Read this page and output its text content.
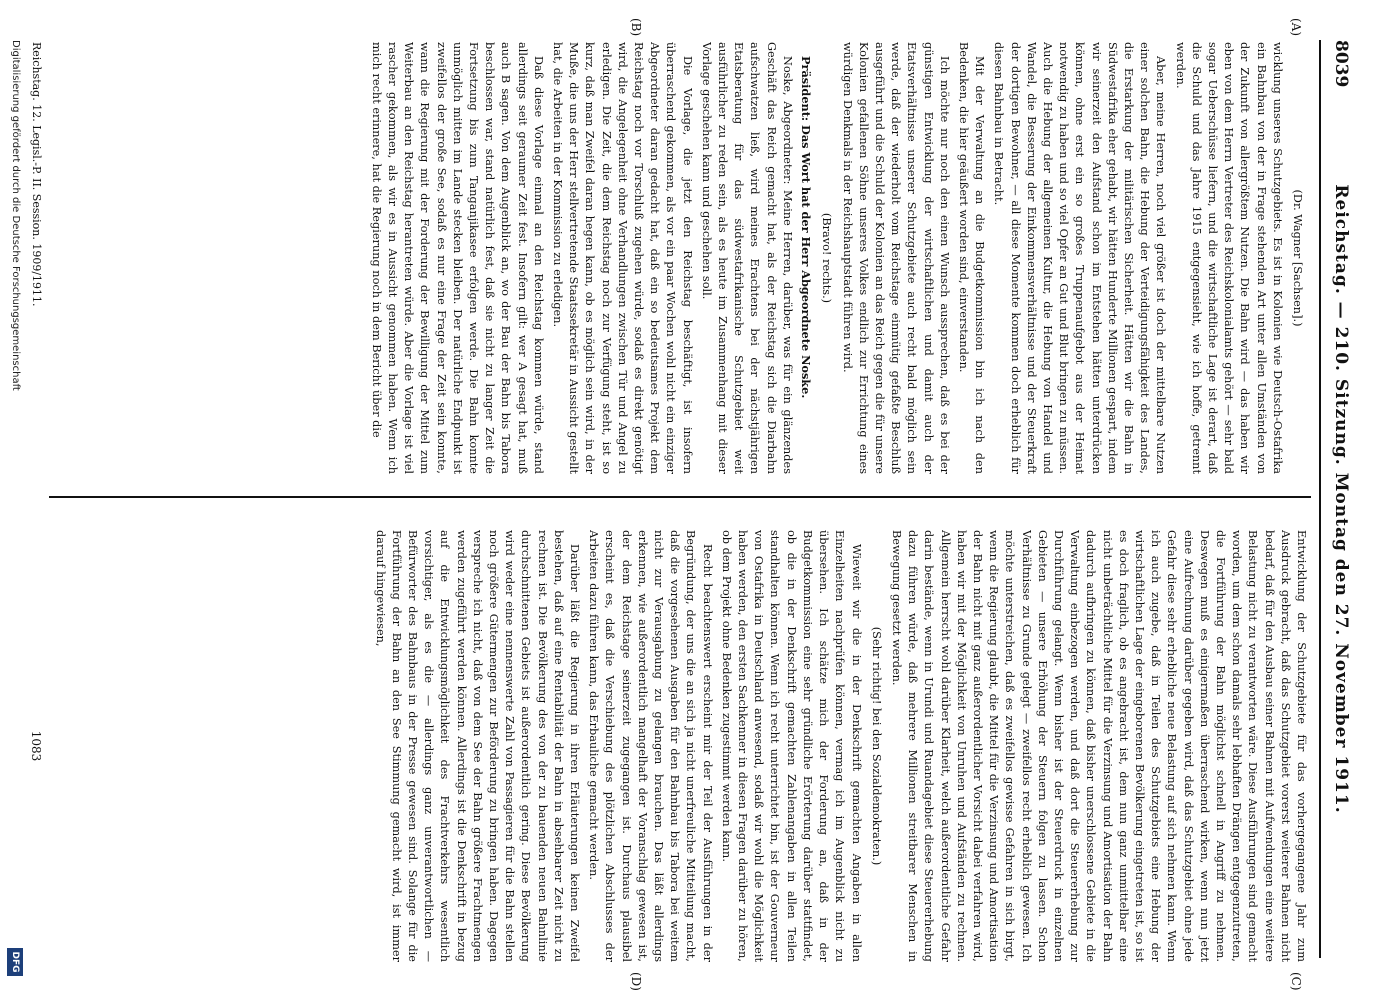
8039
Reichstag. — 210. Sitzung. Montag den 27. November 1911.
(A)
(B)
(C)
(D)

(Dr. Wagner [Sachsen].)

wicklung unseres Schutzgebiets. Es ist in Kolonien wie Deutsch-Ostafrika ein Bahnbau von der in Frage stehenden Art unter allen Umständen von der Zukunft von allergrößtem Nutzen. Die Bahn wird — das haben wir eben von dem Herrn Vertreter des Reichskolonialamts gehört — sehr bald sogar Ueberschüsse liefern, und die wirtschaftliche Lage ist derart, daß die Schuld und das Jahre 1915 entgegensieht, wie ich hoffe, getrennt werden.

Aber, meine Herren, noch viel größer ist doch der mittelbare Nutzen einer solchen Bahn, die Hebung der Verteidigungsfähigkeit des Landes, die Erstarkung der militärischen Sicherheit. Hätten wir die Bahn in Südwestafrika eher gehabt, wir hätten Hunderte Millionen gespart, indem wir seinerzeit den Aufstand schon im Entstehen hätten unterdrücken können, ohne erst ein so großes Truppenaufgebot aus der Heimat notwendig zu haben und so viel Opfer an Gut und Blut bringen zu müssen. Auch die Hebung der allgemeinen Kultur, die Hebung von Handel und Wandel, die Besserung der Einkommensverhältnisse und der Steuerkraft der dortigen Bewohner, — all diese Momente kommen doch erheblich für diesen Bahnbau in Betracht.

Mit der Verwaltung an die Budgetkommission bin ich nach den Bedenken, die hier geäußert worden sind, einverstanden.

Ich möchte nur noch den einen Wunsch aussprechen, daß es bei der günstigen Entwicklung der wirtschaftlichen und damit auch der Etatsverhältnisse unserer Schutzgebiete auch recht bald möglich sein werde, daß der wiederholt vom Reichstage einmütig gefaßte Beschluß ausgeführt und die Schuld der Kolonien an das Reich gegen die für unsere Kolonien gefallenen Söhne unseres Volkes endlich zur Errichtung eines würdigen Denkmals in der Reichshauptstadt führen wird.

(Bravo! rechts.)

Präsident: Das Wort hat der Herr Abgeordnete Noske.

Noske, Abgeordneter: Meine Herren, darüber, was für ein glänzendes Geschäft das Reich gemacht hat, als der Reichstag sich die Diarbahn aufschwatzen ließ, wird meines Erachtens bei der nächstjährigen Etatsberatung für das südwestafrikanische Schutzgebiet weit ausführlicher zu reden sein, als es heute im Zusammenhang mit dieser Vorlage geschehen kann und geschehen soll.

Die Vorlage, die jetzt den Reichstag beschäftigt, ist insofern überraschend gekommen, als vor ein paar Wochen wohl nicht ein einziger Abgeordneter daran gedacht hat, daß ein so bedeutsames Projekt dem Reichstag noch vor Torschluß zugehen würde, sodaß es direkt genötigt wird, die Angelegenheit ohne Verhandlungen zwischen Tür und Angel zu erledigen. Die Zeit, die dem Reichstag noch zur Verfügung steht, ist so kurz, daß man Zweifel daran hegen kann, ob es möglich sein wird, in der Muße, die uns der Herr stellvertretende Staatssekretär in Aussicht gestellt hat, die Arbeiten in der Kommission zu erledigen.

Daß diese Vorlage einmal an den Reichstag kommen würde, stand allerdings seit geraumer Zeit fest. Insofern gilt: wer A gesagt hat, muß auch B sagen. Von dem Augenblick an, wo der Bau der Bahn bis Tabora beschlossen war, stand natürlich fest, daß sie nicht zu langer Zeit die Fortsetzung bis zum Tanganjikasee erfolgen werde. Die Bahn konnte unmöglich mitten im Lande stecken bleiben. Der natürliche Endpunkt ist zweifellos der große See, sodaß es nur eine Frage der Zeit sein konnte, wann die Regierung mit der Forderung der Bewilligung der Mittel zum Weiterbau an den Reichstag herantreten würde. Aber die Vorlage ist viel rascher gekommen, als wir es in Aussicht genommen haben. Wenn ich mich recht erinnere, hat die Regierung noch in dem Bericht über die

Entwicklung der Schutzgebiete für das vorhergegangene Jahr zum Ausdruck gebracht, daß das Schutzgebiet vorerst weiterer Bahnen nicht bedarf, daß für den Ausbau seiner Bahnen mit Aufwendungen eine weitere Belastung nicht zu verantworten wäre. Diese Ausführungen sind gemacht worden, um dem schon damals sehr lebhaften Drängen entgegenzutreten, die Fortführung der Bahn möglichst schnell in Angriff zu nehmen. Deswegen muß es einigermaßen überraschend wirken, wenn nun jetzt eine Aufrechnung darüber gegeben wird, daß das Schutzgebiet ohne jede Gefahr diese sehr erhebliche neue Belastung auf sich nehmen kann. Wenn ich auch zugebe, daß in Teilen des Schutzgebiets eine Hebung der wirtschaftlichen Lage der eingeborenen Bevölkerung eingetreten ist, so ist es doch fraglich, ob es angebracht ist, dem nun ganz unmittelbar eine nicht unbeträchtliche Mittel für die Verzinsung und Amortisation der Bahn dadurch aufbringen zu können, daß bisher unerschlossene Gebiete in die Verwaltung einbezogen werden, und daß dort die Steuererhebung zur Durchführung gelangt. Wenn bisher ist der Steuerdruck in einzelnen Gebieten — unsere Erhöhung der Steuern folgen zu lassen. Schon Verhältnisse zu Grunde gelegt — zweifellos recht erheblich gewesen. Ich möchte unterstreichen, daß es zweifellos gewisse Gefahren in sich birgt, wenn die Regierung glaubt, die Mittel für die Verzinsung und Amortisation der Bahn nicht mit ganz außerordentlicher Vorsicht dabei verfahren wird, haben wir mit der Möglichkeit von Unruhen und Aufständen zu rechnen. Allgemein herrscht wohl darüber Klarheit, welch außerordentliche Gefahr darin bestände, wenn in Urundi und Ruandagebiet diese Steuererhebung dazu führen würde, daß mehrere Millionen streitbarer Menschen in Bewegung gesetzt werden.

(Sehr richtig! bei den Sozialdemokraten.)

Wieweit wir die in der Denkschrift gemachten Angaben in allen Einzelheiten nachprüfen können, vermag ich im Augenblick nicht zu übersehen. Ich schätze mich der Forderung an, daß in der Budgetkommission eine sehr gründliche Erörterung darüber stattfindet, ob die in der Denkschrift gemachten Zahlenangaben in allen Teilen standhalten können. Wenn ich recht unterrichtet bin, ist der Gouverneur von Ostafrika in Deutschland anwesend, sodaß wir wohl die Möglichkeit haben werden, den ersten Sachkenner in diesen Fragen darüber zu hören, ob dem Projekt ohne Bedenken zugestimmt werden kann.

Recht beachtenswert erscheint mir der Teil der Ausführungen in der Begründung, der uns die an sich ja nicht unerfreuliche Mitteilung macht, daß die vorgesehenen Ausgaben für den Bahnbau bis Tabora bei weitem nicht zur Verausgabung zu gelangen brauchen. Das läßt allerdings erkennen, wie außerordentlich mangelhaft der Voranschlag gewesen ist, der dem Reichstage seinerzeit zugegangen ist. Durchaus plausibel erscheint es, daß die Verschiebung des plötzlichen Abschlusses der Arbeiten dazu führen kann, das Erbauliche gemacht werden.

Darüber läßt die Regierung in ihren Erläuterungen keinen Zweifel bestehen, daß auf eine Rentabilität der Bahn in absehbarer Zeit nicht zu rechnen ist. Die Bevölkerung des von der zu bauenden neuen Bahnlinie durchschnittenen Gebiets ist außerordentlich gering. Diese Bevölkerung wird weder eine nennenswerte Zahl von Passagieren für die Bahn stellen noch größere Gütermengen zur Beförderung zu bringen haben. Dagegen verspreche ich nicht, daß von dem See der Bahn größere Frachtmengen werden zugeführt werden können. Allerdings ist die Denkschrift in bezug auf die Entwicklungsmöglichkeit des Frachtverkehrs wesentlich vorsichtiger, als es die — allerdings ganz unverantwortlichen — Befürworter des Bahnbaus in der Presse gewesen sind. Solange für die Fortführung der Bahn an den See Stimmung gemacht wird, ist immer darauf hingewiesen,

Reichstag. 12. Legisl.-P. II. Session. 1909/1911.
1083
Digitalisierung gefördert durch die Deutsche Forschungsgemeinschaft
DFG
